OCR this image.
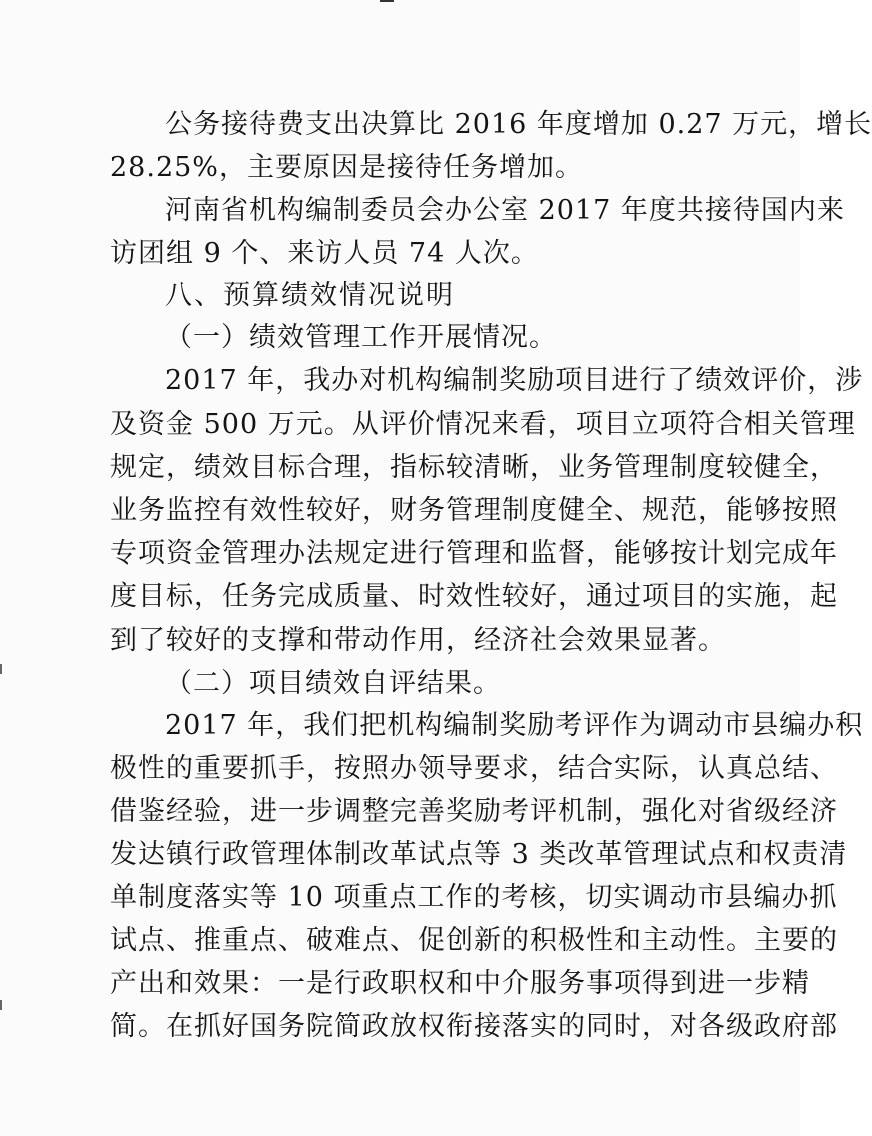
公务接待费支出决算比 2016 年度增加 0.27 万元，增长
28.25%，主要原因是接待任务增加。
河南省机构编制委员会办公室 2017 年度共接待国内来
访团组 9 个、来访人员 74 人次。
八、预算绩效情况说明
（一）绩效管理工作开展情况。
2017 年，我办对机构编制奖励项目进行了绩效评价，涉
及资金 500 万元。从评价情况来看，项目立项符合相关管理
规定，绩效目标合理，指标较清晰，业务管理制度较健全，
业务监控有效性较好，财务管理制度健全、规范，能够按照
专项资金管理办法规定进行管理和监督，能够按计划完成年
度目标，任务完成质量、时效性较好，通过项目的实施，起
到了较好的支撑和带动作用，经济社会效果显著。
（二）项目绩效自评结果。
2017 年，我们把机构编制奖励考评作为调动市县编办积
极性的重要抓手，按照办领导要求，结合实际，认真总结、
借鉴经验，进一步调整完善奖励考评机制，强化对省级经济
发达镇行政管理体制改革试点等 3 类改革管理试点和权责清
单制度落实等 10 项重点工作的考核，切实调动市县编办抓
试点、推重点、破难点、促创新的积极性和主动性。主要的
产出和效果：一是行政职权和中介服务事项得到进一步精
简。在抓好国务院简政放权衔接落实的同时，对各级政府部
